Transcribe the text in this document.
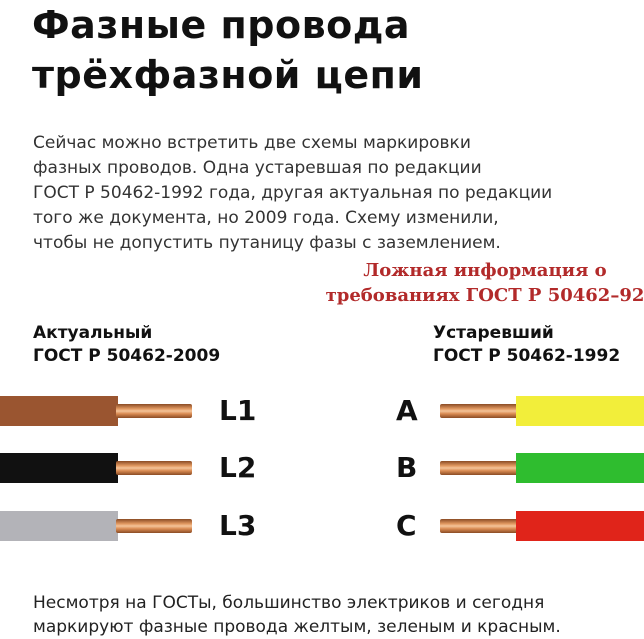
Фазные провода
трёхфазной цепи

Сейчас можно встретить две схемы маркировки
фазных проводов. Одна устаревшая по редакции
ГОСТ Р 50462-1992 года, другая актуальная по редакции
того же документа, но 2009 года. Схему изменили,
чтобы не допустить путаницу фазы с заземлением.

Ложная информация о
требованиях ГОСТ Р 50462–92

Актуальный
ГОСТ Р 50462-2009
Устаревший
ГОСТ Р 50462-1992
L1
L2
L3
A
B
C

Несмотря на ГОСТы, большинство электриков и сегодня
маркируют фазные провода желтым, зеленым и красным.
